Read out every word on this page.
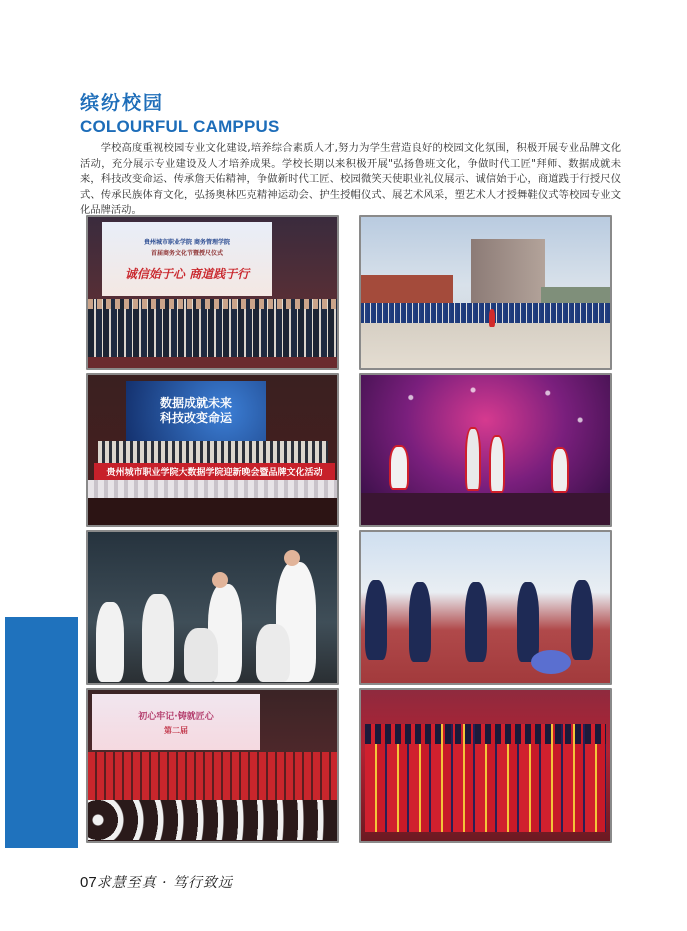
缤纷校园
COLOURFUL CAMPPUS

学校高度重视校园专业文化建设,培养综合素质人才,努力为学生营造良好的校园文化氛围，积极开展专业品牌文化活动，充分展示专业建设及人才培养成果。学校长期以来积极开展"弘扬鲁班文化，争做时代工匠"拜师、数据成就未来，科技改变命运、传承詹天佑精神，争做新时代工匠、校园微笑天使职业礼仪展示、诚信始于心，商道践于行授尺仪式、传承民族体育文化，弘扬奥林匹克精神运动会、护生授帽仪式、展艺术风采，塑艺术人才授舞鞋仪式等校园专业文化品牌活动。

贵州城市职业学院 商务管理学院
首届商务文化节暨授尺仪式
诚信始于心 商道践于行
数据成就未来
科技改变命运
贵州城市职业学院大数据学院迎新晚会暨品牌文化活动
初心牢记·铸就匠心
第二届
07求慧至真 · 笃行致远
